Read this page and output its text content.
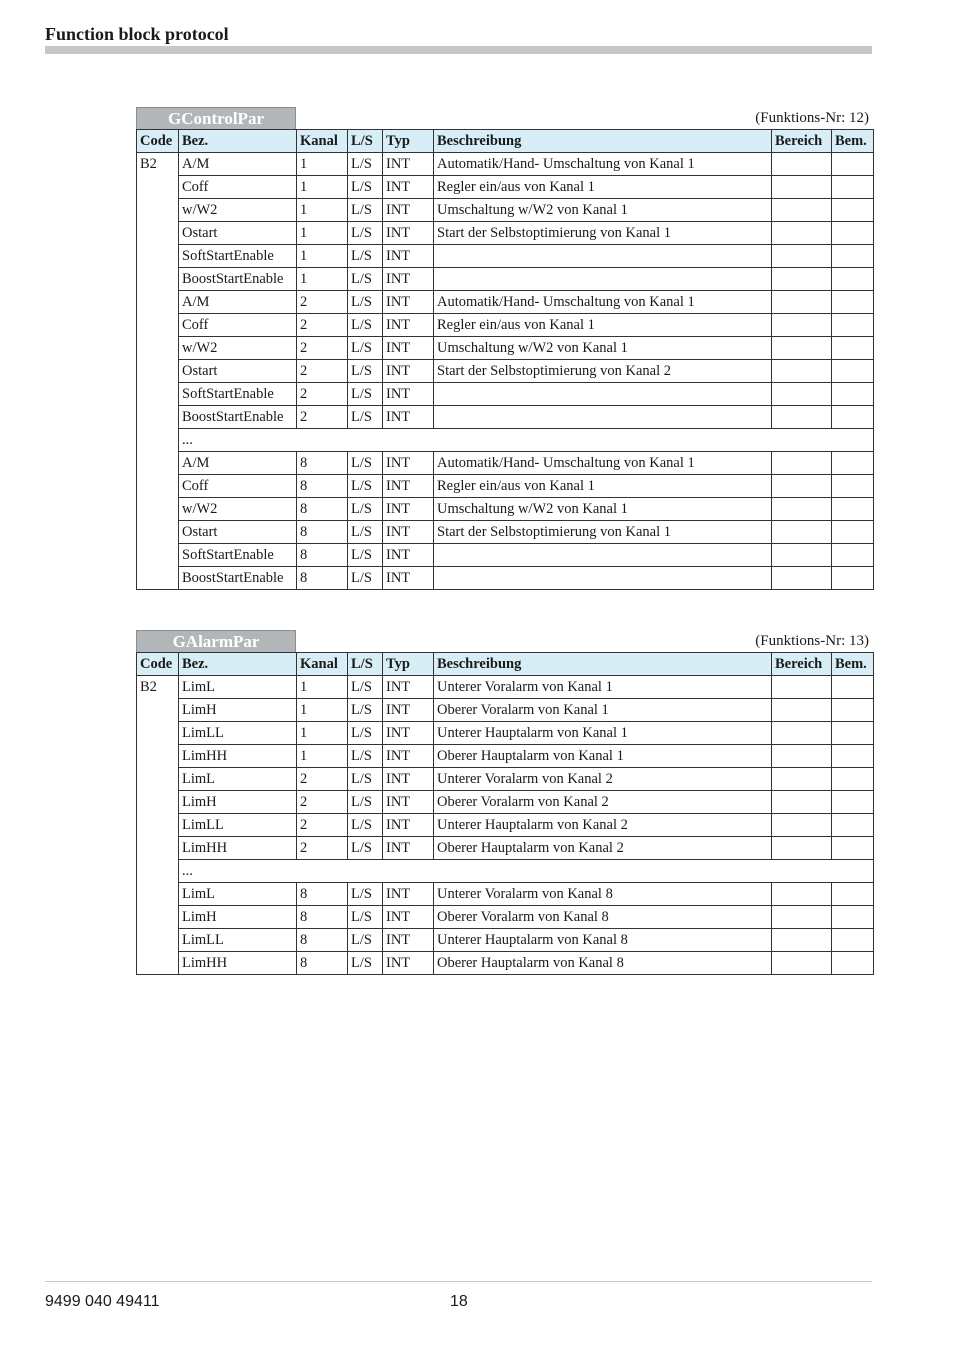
Function block protocol
GControlPar	(Funktions-Nr: 12)
Code	Bez.	Kanal	L/S	Typ	Beschreibung	Bereich	Bem.
B2	A/M	1	L/S	INT	Automatik/Hand- Umschaltung von Kanal 1		
	Coff	1	L/S	INT	Regler ein/aus von Kanal 1		
	w/W2	1	L/S	INT	Umschaltung w/W2 von Kanal 1		
	Ostart	1	L/S	INT	Start der Selbstoptimierung von Kanal 1		
	SoftStartEnable	1	L/S	INT			
	BoostStartEnable	1	L/S	INT			
	A/M	2	L/S	INT	Automatik/Hand- Umschaltung von Kanal 1		
	Coff	2	L/S	INT	Regler ein/aus von Kanal 1		
	w/W2	2	L/S	INT	Umschaltung w/W2 von Kanal 1		
	Ostart	2	L/S	INT	Start der Selbstoptimierung von Kanal 2		
	SoftStartEnable	2	L/S	INT			
	BoostStartEnable	2	L/S	INT			
	...						
	A/M	8	L/S	INT	Automatik/Hand- Umschaltung von Kanal 1		
	Coff	8	L/S	INT	Regler ein/aus von Kanal 1		
	w/W2	8	L/S	INT	Umschaltung w/W2 von Kanal 1		
	Ostart	8	L/S	INT	Start der Selbstoptimierung von Kanal 1		
	SoftStartEnable	8	L/S	INT			
	BoostStartEnable	8	L/S	INT			
GAlarmPar	(Funktions-Nr: 13)
Code	Bez.	Kanal	L/S	Typ	Beschreibung	Bereich	Bem.
B2	LimL	1	L/S	INT	Unterer Voralarm von Kanal 1		
	LimH	1	L/S	INT	Oberer Voralarm von Kanal 1		
	LimLL	1	L/S	INT	Unterer Hauptalarm von Kanal 1		
	LimHH	1	L/S	INT	Oberer Hauptalarm von Kanal 1		
	LimL	2	L/S	INT	Unterer Voralarm von Kanal 2		
	LimH	2	L/S	INT	Oberer Voralarm von Kanal 2		
	LimLL	2	L/S	INT	Unterer Hauptalarm von Kanal 2		
	LimHH	2	L/S	INT	Oberer Hauptalarm von Kanal 2		
	...						
	LimL	8	L/S	INT	Unterer Voralarm von Kanal 8		
	LimH	8	L/S	INT	Oberer Voralarm von Kanal 8		
	LimLL	8	L/S	INT	Unterer Hauptalarm von Kanal 8		
	LimHH	8	L/S	INT	Oberer Hauptalarm von Kanal 8		
9499 040 49411	18
